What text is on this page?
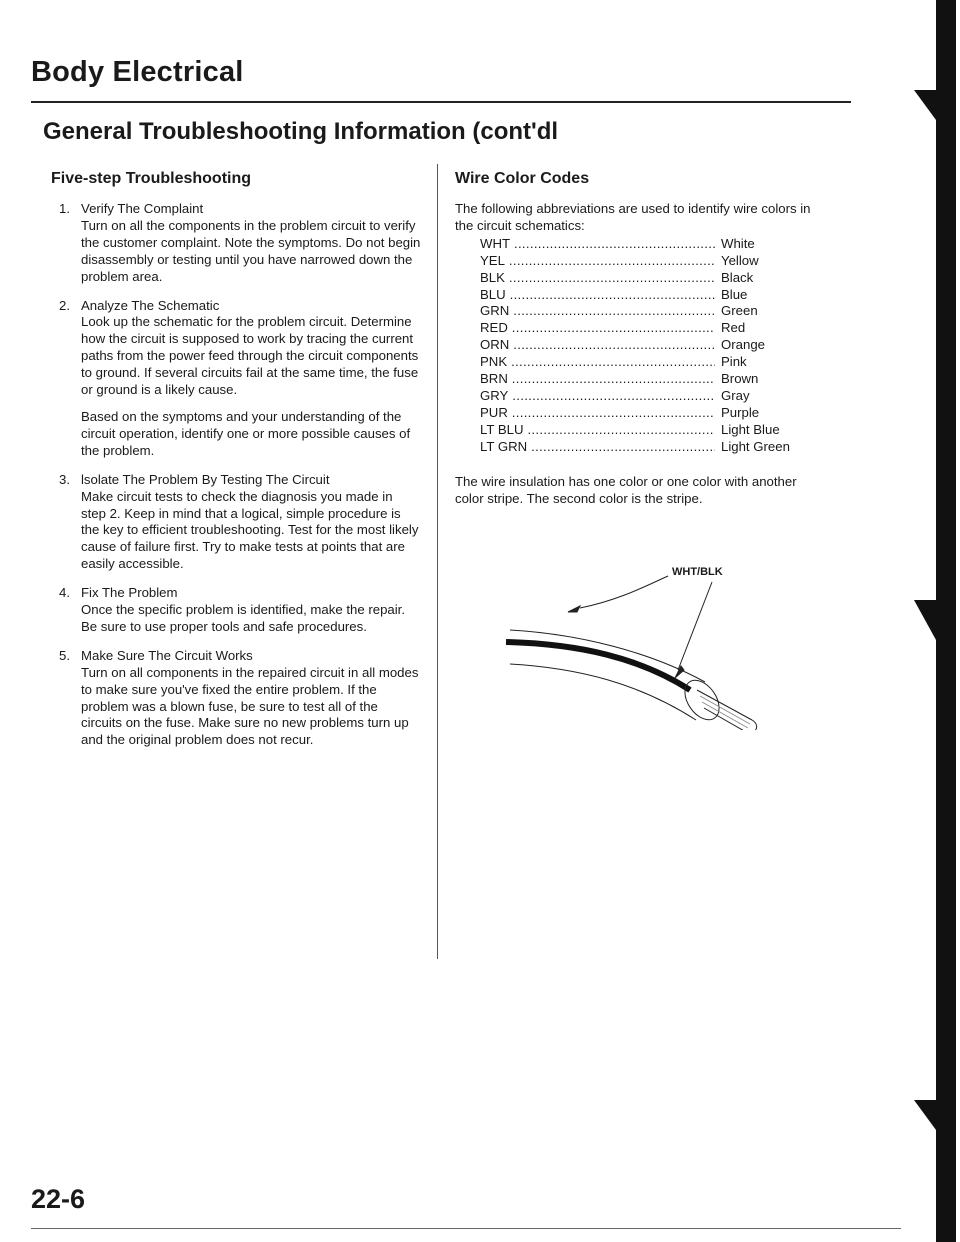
Body Electrical
General Troubleshooting Information (cont'dl
Five-step Troubleshooting
1. Verify The Complaint

Turn on all the components in the problem circuit to verify the customer complaint. Note the symptoms. Do not begin disassembly or testing until you have narrowed down the problem area.

2. Analyze The Schematic

Look up the schematic for the problem circuit. Determine how the circuit is supposed to work by tracing the current paths from the power feed through the circuit components to ground. If several circuits fail at the same time, the fuse or ground is a likely cause.

Based on the symptoms and your understanding of the circuit operation, identify one or more possible causes of the problem.

3. lsolate The Problem By Testing The Circuit

Make circuit tests to check the diagnosis you made in step 2. Keep in mind that a logical, simple procedure is the key to efficient troubleshooting. Test for the most likely cause of failure first. Try to make tests at points that are easily accessible.

4. Fix The Problem

Once the specific problem is identified, make the repair. Be sure to use proper tools and safe procedures.

5. Make Sure The Circuit Works

Turn on all components in the repaired circuit in all modes to make sure you've fixed the entire problem. If the problem was a blown fuse, be sure to test all of the circuits on the fuse. Make sure no new problems turn up and the original problem does not recur.

Wire Color Codes

The following abbreviations are used to identify wire colors in the circuit schematics:

WHT .....	White
YEL .....	Yellow
BLK .....	Black
BLU .....	Blue
GRN .....	Green
RED .....	Red
ORN .....	Orange
PNK .....	Pink
BRN .....	Brown
GRY .....	Gray
PUR .....	Purple
LT BLU .....	Light Blue
LT GRN .....	Light Green

The wire insulation has one color or one color with another color stripe. The second color is the stripe.

WHT/BLK
22-6
